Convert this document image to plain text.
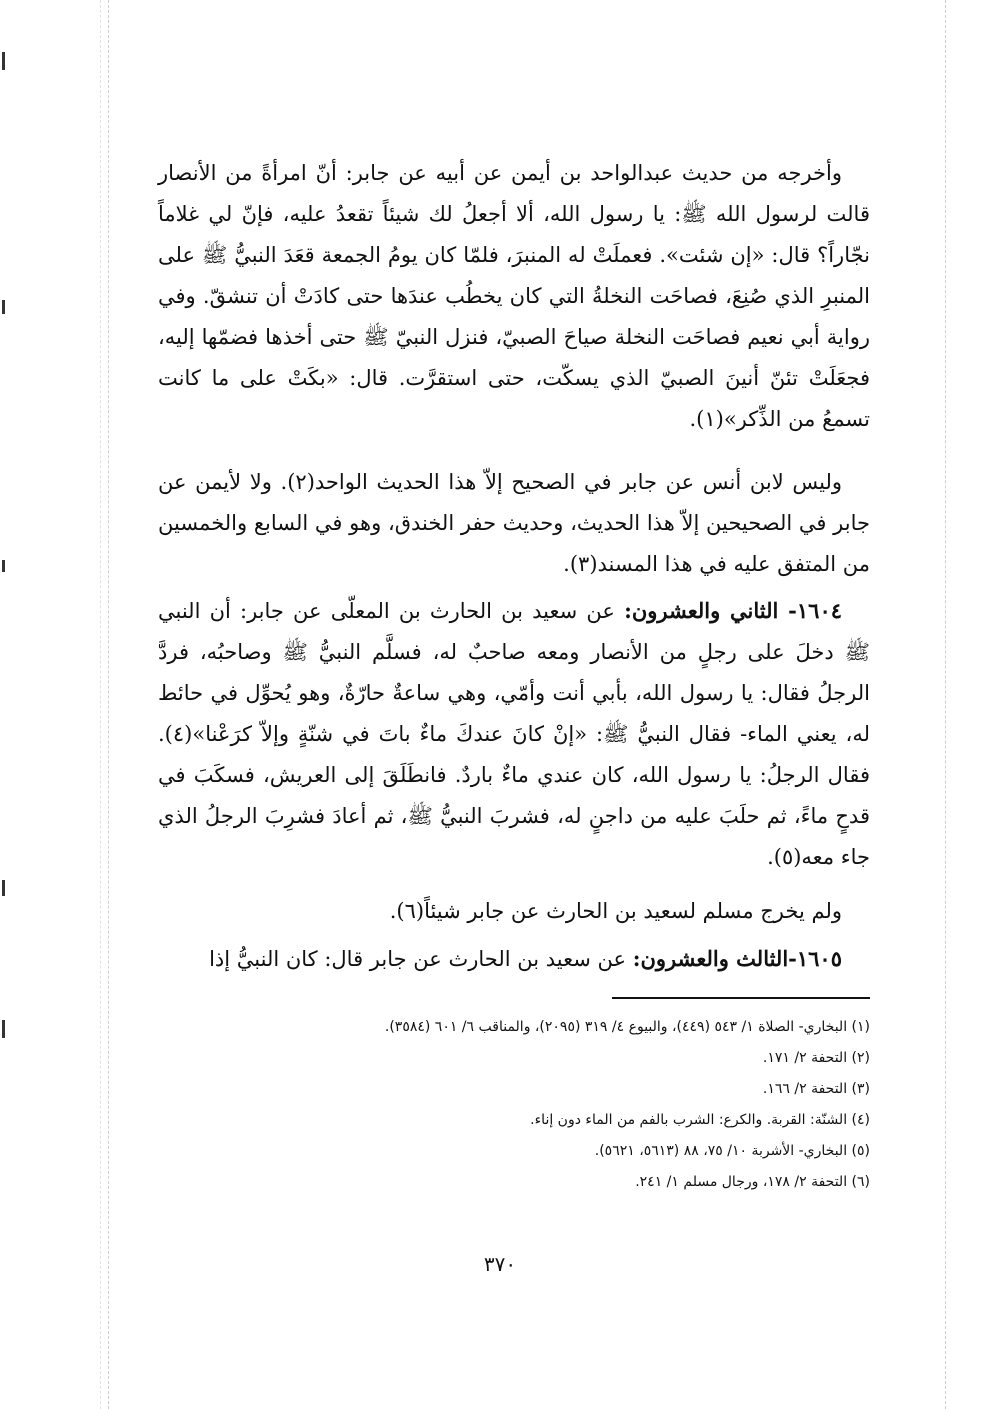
وأخرجه من حديث عبدالواحد بن أيمن عن أبيه عن جابر: أنّ امرأةً من الأنصار قالت لرسول الله ﷺ: يا رسول الله، ألا أجعلُ لك شيئاً تقعدُ عليه، فإنّ لي غلاماً نجّاراً؟ قال: «إن شئت». فعملَتْ له المنبرَ، فلمّا كان يومُ الجمعة قعَدَ النبيُّ ﷺ على المنبرِ الذي صُنِعَ، فصاحَت النخلةُ التي كان يخطُب عندَها حتى كادَتْ أن تنشقّ. وفي رواية أبي نعيم فصاحَت النخلة صياحَ الصبيّ، فنزل النبيّ ﷺ حتى أخذها فضمّها إليه، فجعَلَتْ تئنّ أنينَ الصبيّ الذي يسكّت، حتى استقرَّت. قال: «بكَتْ على ما كانت تسمعُ من الذِّكر»(١).

وليس لابن أنس عن جابر في الصحيح إلاّ هذا الحديث الواحد(٢). ولا لأيمن عن جابر في الصحيحين إلاّ هذا الحديث، وحديث حفر الخندق، وهو في السابع والخمسين من المتفق عليه في هذا المسند(٣).

١٦٠٤- الثاني والعشرون: عن سعيد بن الحارث بن المعلّى عن جابر: أن النبي ﷺ دخلَ على رجلٍ من الأنصار ومعه صاحبٌ له، فسلَّم النبيُّ ﷺ وصاحبُه، فردَّ الرجلُ فقال: يا رسول الله، بأبي أنت وأمّي، وهي ساعةٌ حارّةٌ، وهو يُحوِّل في حائط له، يعني الماء- فقال النبيُّ ﷺ: «إنْ كانَ عندكَ ماءٌ باتَ في شنّةٍ وإلاّ كرَعْنا»(٤). فقال الرجلُ: يا رسول الله، كان عندي ماءٌ باردٌ. فانطَلَقَ إلى العريش، فسكَبَ في قدحٍ ماءً، ثم حلَبَ عليه من داجنٍ له، فشربَ النبيُّ ﷺ، ثم أعادَ فشرِبَ الرجلُ الذي جاء معه(٥).

ولم يخرج مسلم لسعيد بن الحارث عن جابر شيئاً(٦).

١٦٠٥-الثالث والعشرون: عن سعيد بن الحارث عن جابر قال: كان النبيُّ إذا

(١) البخاري- الصلاة ١/ ٥٤٣ (٤٤٩)، والبيوع ٤/ ٣١٩ (٢٠٩٥)، والمناقب ٦/ ٦٠١ (٣٥٨٤).
(٢) التحفة ٢/ ١٧١.
(٣) التحفة ٢/ ١٦٦.
(٤) الشنّة: القربة. والكرع: الشرب بالفم من الماء دون إناء.
(٥) البخاري- الأشربة ١٠/ ٧٥، ٨٨ (٥٦١٣، ٥٦٢١).
(٦) التحفة ٢/ ١٧٨، ورجال مسلم ١/ ٢٤١.
٣٧٠
